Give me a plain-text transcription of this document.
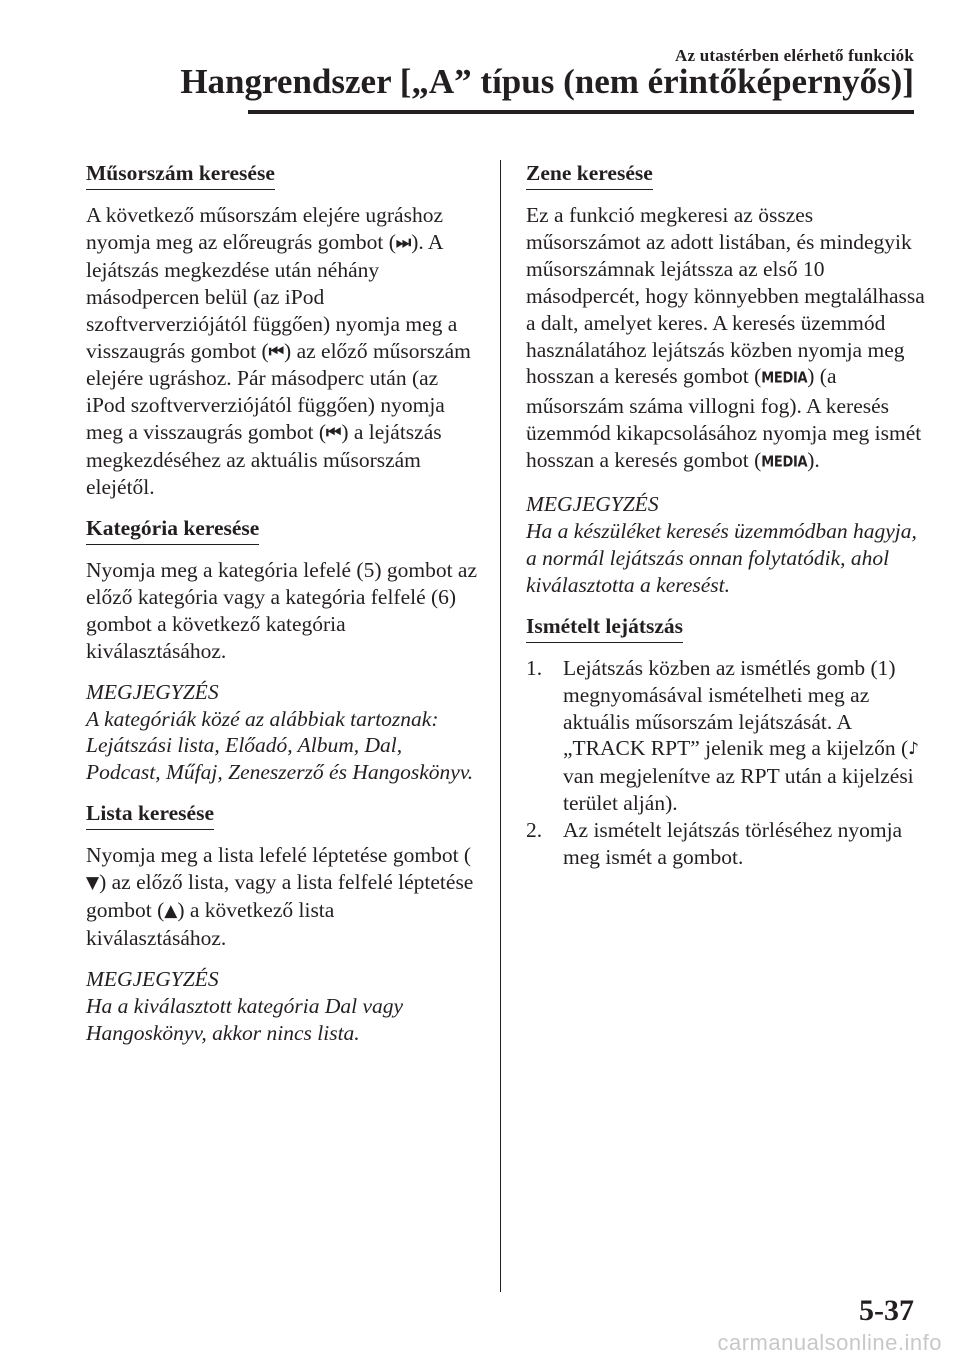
Az utastérben elérhető funkciók
Hangrendszer [„A” típus (nem érintőképernyős)]
Műsorszám keresése

A következő műsorszám elejére ugráshoz nyomja meg az előreugrás gombot (⏭). A lejátszás megkezdése után néhány másodpercen belül (az iPod szoftververziójától függően) nyomja meg a visszaugrás gombot (⏮) az előző műsorszám elejére ugráshoz. Pár másodperc után (az iPod szoftververziójától függően) nyomja meg a visszaugrás gombot (⏮) a lejátszás megkezdéséhez az aktuális műsorszám elejétől.

Kategória keresése

Nyomja meg a kategória lefelé (5) gombot az előző kategória vagy a kategória felfelé (6) gombot a következő kategória kiválasztásához.

MEGJEGYZÉS
A kategóriák közé az alábbiak tartoznak: Lejátszási lista, Előadó, Album, Dal, Podcast, Műfaj, Zeneszerző és Hangoskönyv.
Lista keresése

Nyomja meg a lista lefelé léptetése gombot (▼) az előző lista, vagy a lista felfelé léptetése gombot (▲) a következő lista kiválasztásához.

MEGJEGYZÉS
Ha a kiválasztott kategória Dal vagy Hangoskönyv, akkor nincs lista.
Zene keresése

Ez a funkció megkeresi az összes műsorszámot az adott listában, és mindegyik műsorszámnak lejátssza az első 10 másodpercét, hogy könnyebben megtalálhassa a dalt, amelyet keres. A keresés üzemmód használatához lejátszás közben nyomja meg hosszan a keresés gombot (MEDIA) (a műsorszám száma villogni fog). A keresés üzemmód kikapcsolásához nyomja meg ismét hosszan a keresés gombot (MEDIA).

MEGJEGYZÉS
Ha a készüléket keresés üzemmódban hagyja, a normál lejátszás onnan folytatódik, ahol kiválasztotta a keresést.
Ismételt lejátszás
1. Lejátszás közben az ismétlés gomb (1) megnyomásával ismételheti meg az aktuális műsorszám lejátszását. A „TRACK RPT” jelenik meg a kijelzőn (♪ van megjelenítve az RPT után a kijelzési terület alján).
2. Az ismételt lejátszás törléséhez nyomja meg ismét a gombot.
5-37
carmanualsonline.info
